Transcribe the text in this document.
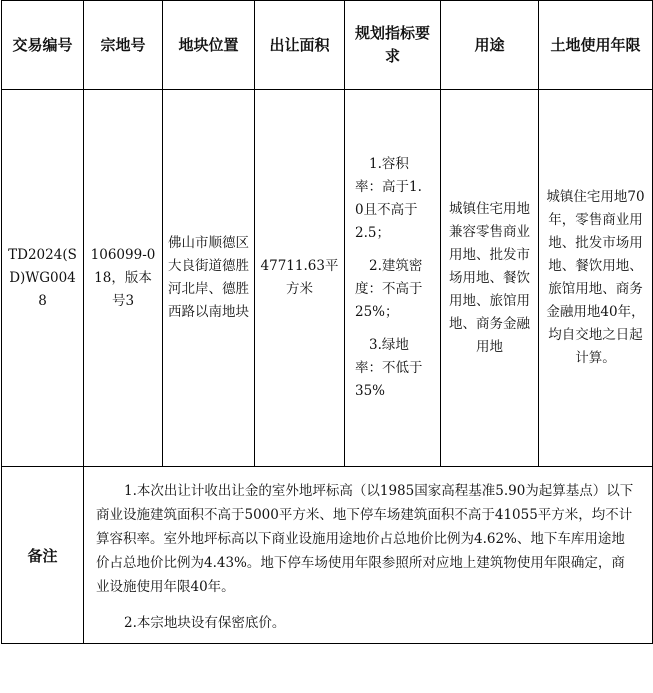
交易编号	宗地号	地块位置	出让面积	规划指标要求	用途	土地使用年限
TD2024(SD)WG0048	106099-018，版本号3	佛山市顺德区大良街道德胜河北岸、德胜西路以南地块	47711.63平方米	1.容积率：高于1.0且不高于2.5；

2.建筑密度：不高于25%；

3.绿地率：不低于35%	城镇住宅用地兼容零售商业用地、批发市场用地、餐饮用地、旅馆用地、商务金融用地	城镇住宅用地70年，零售商业用地、批发市场用地、餐饮用地、旅馆用地、商务金融用地40年，均自交地之日起计算。
备注	1.本次出让计收出让金的室外地坪标高（以1985国家高程基准5.90为起算基点）以下商业设施建筑面积不高于5000平方米、地下停车场建筑面积不高于41055平方米，均不计算容积率。室外地坪标高以下商业设施用途地价占总地价比例为4.62%、地下车库用途地价占总地价比例为4.43%。地下停车场使用年限参照所对应地上建筑物使用年限确定，商业设施使用年限40年。

2.本宗地块设有保密底价。					
